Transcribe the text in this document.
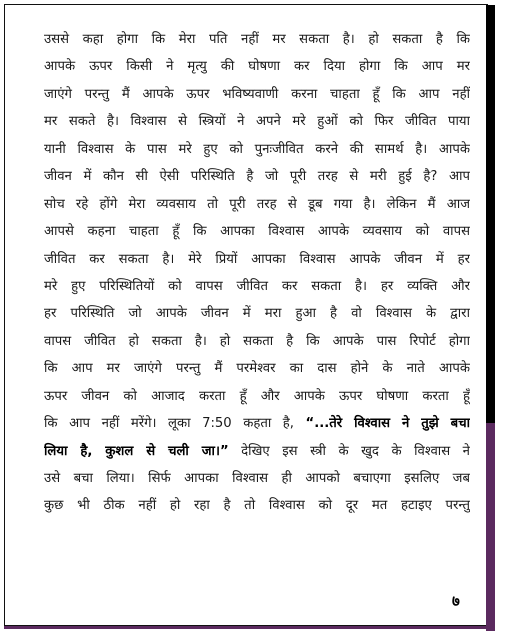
उससे कहा होगा कि मेरा पति नहीं मर सकता है। हो सकता है कि
आपके ऊपर किसी ने मृत्यु की घोषणा कर दिया होगा कि आप मर
जाएंगे परन्तु मैं आपके ऊपर भविष्यवाणी करना चाहता हूँ कि आप नहीं
मर सकते है। विश्वास से स्त्रियों ने अपने मरे हुओं को फिर जीवित पाया
यानी विश्वास के पास मरे हुए को पुनःजीवित करने की सामर्थ है। आपके
जीवन में कौन सी ऐसी परिस्थिति है जो पूरी तरह से मरी हुई है? आप
सोच रहे होंगे मेरा व्यवसाय तो पूरी तरह से डूब गया है। लेकिन मैं आज
आपसे कहना चाहता हूँ कि आपका विश्वास आपके व्यवसाय को वापस
जीवित कर सकता है। मेरे प्रियों आपका विश्वास आपके जीवन में हर
मरे हुए परिस्थितियों को वापस जीवित कर सकता है। हर व्यक्ति और
हर परिस्थिति जो आपके जीवन में मरा हुआ है वो विश्वास के द्वारा
वापस जीवित हो सकता है। हो सकता है कि आपके पास रिपोर्ट होगा
कि आप मर जाएंगे परन्तु मैं परमेश्वर का दास होने के नाते आपके
ऊपर जीवन को आजाद करता हूँ और आपके ऊपर घोषणा करता हूँ
कि आप नहीं मरेंगे। लूका 7:50 कहता है, “...तेरे विश्वास ने तुझे बचा
लिया है, कुशल से चली जा।” देखिए इस स्त्री के खुद के विश्वास ने
उसे बचा लिया। सिर्फ आपका विश्वास ही आपको बचाएगा इसलिए जब
कुछ भी ठीक नहीं हो रहा है तो विश्वास को दूर मत हटाइए परन्तु
७
